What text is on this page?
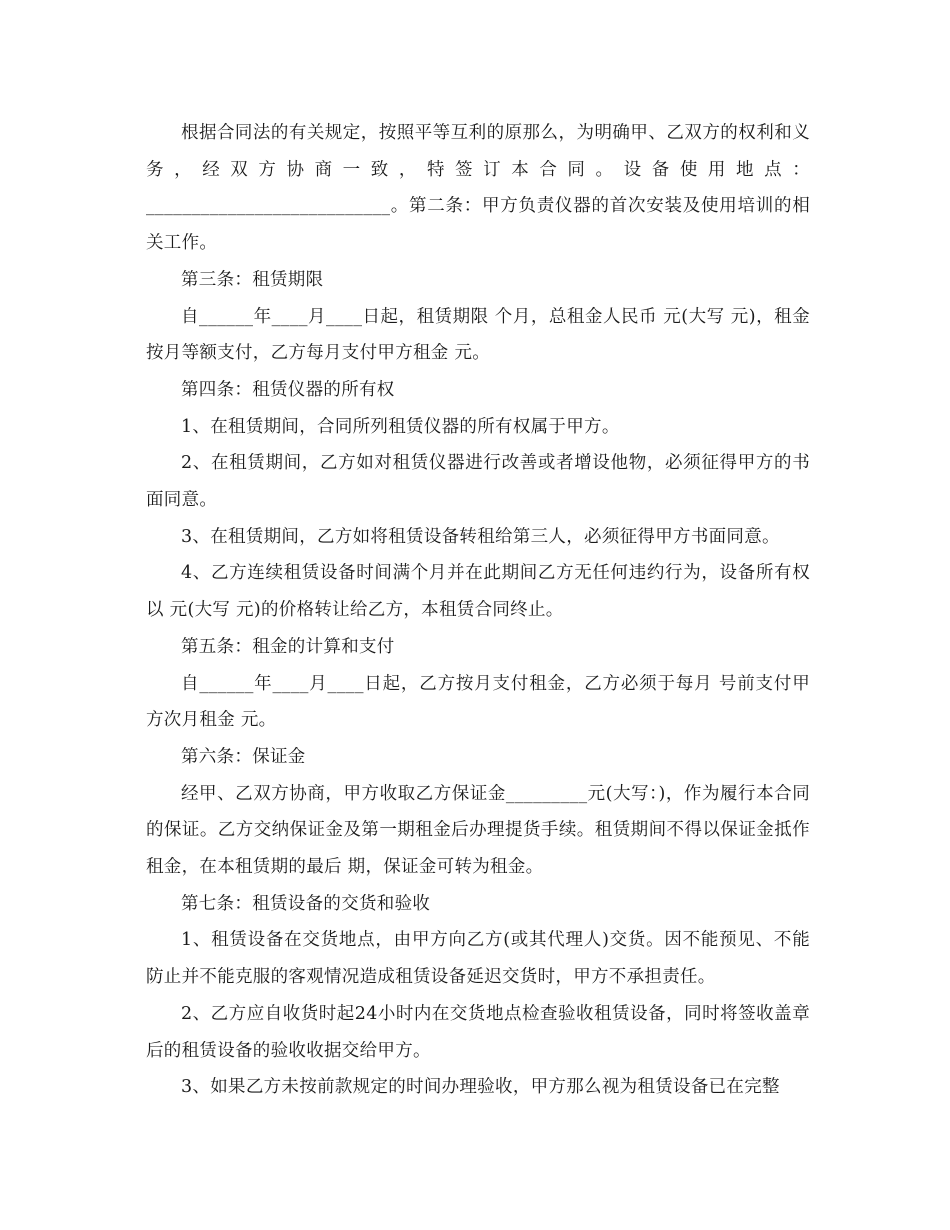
根据合同法的有关规定，按照平等互利的原那么，为明确甲、乙双方的权利和义务，经双方协商一致，特签订本合同。设备使用地点：___________________________。第二条：甲方负责仪器的首次安装及使用培训的相关工作。

第三条：租赁期限

自______年____月____日起，租赁期限 个月，总租金人民币 元(大写 元)，租金按月等额支付，乙方每月支付甲方租金 元。

第四条：租赁仪器的所有权

1、在租赁期间，合同所列租赁仪器的所有权属于甲方。

2、在租赁期间，乙方如对租赁仪器进行改善或者增设他物，必须征得甲方的书面同意。

3、在租赁期间，乙方如将租赁设备转租给第三人，必须征得甲方书面同意。

4、乙方连续租赁设备时间满个月并在此期间乙方无任何违约行为，设备所有权以 元(大写 元)的价格转让给乙方，本租赁合同终止。

第五条：租金的计算和支付

自______年____月____日起，乙方按月支付租金，乙方必须于每月 号前支付甲方次月租金 元。

第六条：保证金

经甲、乙双方协商，甲方收取乙方保证金_________元(大写：)，作为履行本合同的保证。乙方交纳保证金及第一期租金后办理提货手续。租赁期间不得以保证金抵作租金，在本租赁期的最后 期，保证金可转为租金。

第七条：租赁设备的交货和验收

1、租赁设备在交货地点，由甲方向乙方(或其代理人)交货。因不能预见、不能防止并不能克服的客观情况造成租赁设备延迟交货时，甲方不承担责任。

2、乙方应自收货时起24小时内在交货地点检查验收租赁设备，同时将签收盖章后的租赁设备的验收收据交给甲方。

3、如果乙方未按前款规定的时间办理验收，甲方那么视为租赁设备已在完整
